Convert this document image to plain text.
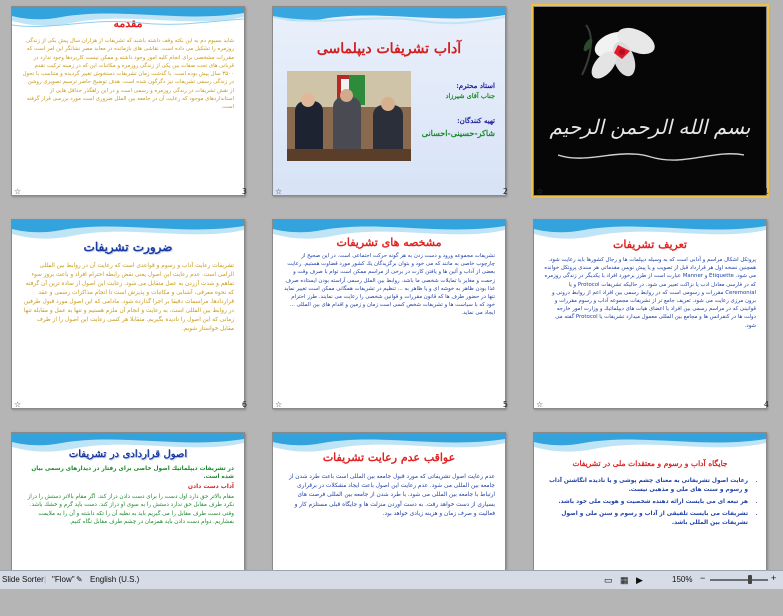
مقدمه
شايد بسيوم دم به اين نكته وقف داشته باشند كه تشريفات از هزاران سال پيش يكی از زندگی روزمره را تشكيل می داده است. نقاشی های بازمانده در معابد مصر نشانگر اين امر است كه مقررات مشخصی برای انجام كليه امور وجود داشته و ممكن نيست كاربردها وجود ندارد در قربانی های تحت صفات بين يكی از زندگی روزمره و مكاتبات اين كه در زمينه تركيب نقدم ۳۵۰۰ سال پيش بوده است. با گذشت زمان تشريفات دستخوش تغيير گرديده و متناسب با تحول در زندگی رسمی تشريفات نيز دگرگون شده است. هدف توضيح حاضر ترسيم تصويری روشن از نقش تشريفات در زندگی روزمره و رسمی است و در اين راهگذر حداقل هايی از استانداردهای موجود كه رعايت آن در جامعه بين الملل ضروری است مورد بررسی قرار گرفته است.
☆	3
آداب تشريفات ديپلماسی
استاد محترم:
جناب آقای شيرزاد
تهيه کنندگان:
شاکر-حسينی-احسانی
☆	2
بسم الله الرحمن الرحيم
☆	1
ضرورت تشريفات
تشريفات رعايت آداب و رسوم و قواعدی است كه رعايت آن در روابط بين المللی الزامی است. عدم رعايت اين اصول يعنی نقض رابطه احترام افراد و باعث بروز سوء تفاهم و شدت آزردن به عمل متقابل می شود. رعايت اين اصول از ساده ترين آن گرفته كه نحوه معرفی، آشنايی و مكاتبات و پذيرش است تا انجام مذاكرات رسمی و عقد قراردادها، مراسمات دقيقا بر اجرا گذارده شود. مادامی كه اين اصول مورد قبول طرفين در روابط بين المللی است، به رعايت و انجام آن ملزم هستيم و تنها به عمل و مقابله تنها زمانی كه اين اصول را ناديده بگيريم. متقابلا هر كسی رعايت اين اصول را از طرف مقابل خواستار شويم.
☆	6
مشخصه های تشريفات
تشريفات مجموعه ورود و دست زدن به هر گونه حركت اجتماعی است. در اين صحيح از چارچوب خاصی به مانند كه می خود و بتوان برگزيدگان يك كشور مورد قضاوت هستيم. رعايت بعضی از آداب و آئين ها و يافتن كارت در برخی از مراسم ممكن است توام با صرف وقت و زحمت و مغاير با تمايلات شخصی ما باشد. روابط بين الملل رسمی آراسته بودن ايستاده صرف غذا بودن ظاهر به خوشه ای و يا ظاهر به ... تنظيم در تشريفات همگانی ممكن است تغيير نمايد تنها در حضور طرف ها كه قانون مقررات و قوانين شخصی را رعايت می نمايند. طرز احترام خود كه با سياست ها و تشريفات شخص كسی است زمان و زمين و اقدام های بين المللی ... ايجاد می نمايد.
☆	5
تعريف تشريفات
پروتكل اشكال مراسم و آدابی است كه به وسيله ديپلمات ها و رجال كشورها بايد رعايت شود. همچنين نسخه اول هر قرارداد قبل از تصويب و يا پيش نويس مقدماتی هر سندی پروتكل خوانده می شود. Etiquette و Manner عبارت است از طرز برخورد افراد با يكديگر در زندگی روزمره كه در فارسی معادل ادب يا نزاكت تعبير می شود. در حاليكه تشريفات Protocol و يا Ceremonial مقررات و رسومی است كه در روابط رسمی بين افراد اعم از روابط درونی و برون مرزی رعايت می شود. تعريف جامع تر از تشريفات مجموعه آداب و رسوم مقررات و قوانينی كه در مراسم رسمی بين افراد يا اعضای هيات های ديپلماتيك و وزارت امور خارجه دولت ها در كنفرانس ها و مجامع بين المللی معمول ميدارد تشريفات يا Protocol گفته می شود.
☆	4
اصول قراردادی در تشريفات
در تشريفات ديپلماتيك اصول خاصی برای رفتار در ديدارهای رسمی بيان شده است.
آداب دست دادن
مقام بالاتر حق دارد اول دست را برای دست دادن دراز كند. اگر مقام بالاتر دستش را دراز نكرد طرف مقابل حق ندارد دستش را به سوی او دراز كند. دست بايد گرم و خشك باشد. وقتی دست طرف مقابل را می گيريم بايد به نظيه آن را تكه داشته و آن را به ملايمت بفشاريم. دوام دست دادن بايد همزمان در چشم طرف مقابل نگاه كنيم.
عواقب عدم رعايت تشريفات
عدم رعايت اصول تشريفاتی كه مورد قبول جامعه بين المللی است باعث طرد شدن از جامعه بين المللی می شود. عدم رعايت اين اصول باعث ايجاد مشكلات در برقراری ارتباط با جامعه بين المللی می شود. با طرد شدن از جامعه بين المللی فرصت های بسياری از دست خواهد رفت. به دست آوردن منزلت ها و جايگاه قبلی مستلزم كار و فعاليت و صرف زمان و هزينه زيادی خواهد بود.
جايگاه آداب و رسوم و معتقدات ملی در تشريفات
• رعايت اصول تشريفاتی به معنای چشم پوشی و يا ناديده انگاشتن آداب و رسوم و سنت های ملی و مذهبی نيست.
• هر تبعه ای می بايست ارائه دهنده شخصيت و هويت ملی خود باشد.
• تشريفات می بايست تلفيقی از آداب و رسوم و سنن ملی و اصول تشريفات بين المللی باشد.
Slide Sorter | "Flow" ✎ English (U.S.)	▭ ▦ ▶	150% −	+
